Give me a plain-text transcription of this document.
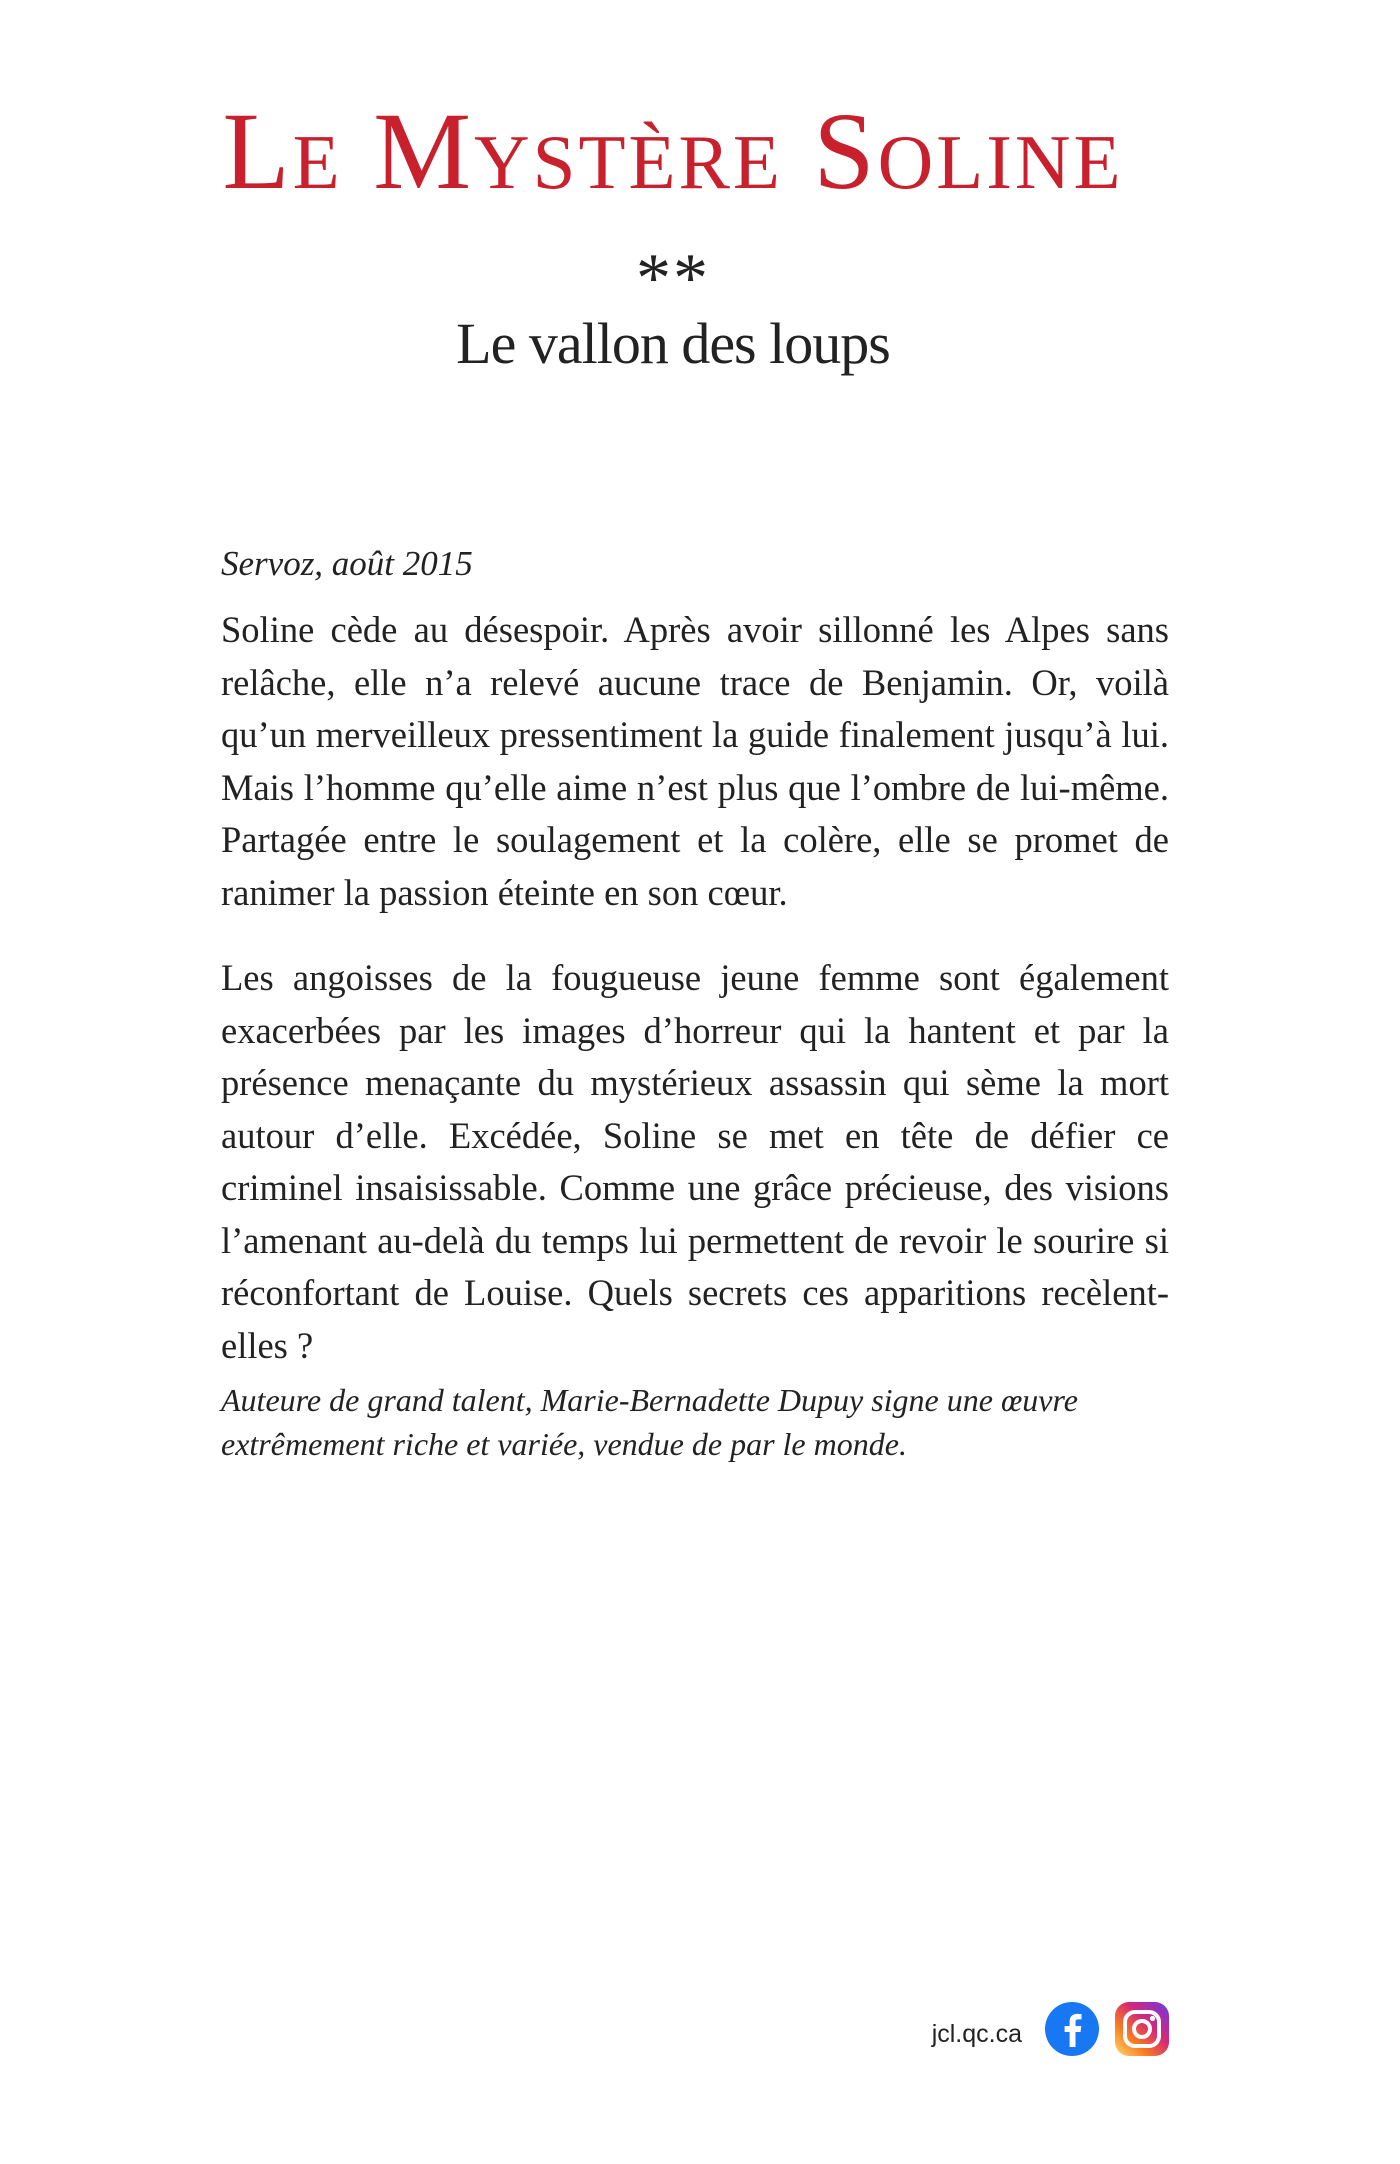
Le Mystère Soline
**
Le vallon des loups
Servoz, août 2015

Soline cède au désespoir. Après avoir sillonné les Alpes sans relâche, elle n’a relevé aucune trace de Benjamin. Or, voilà qu’un merveilleux pressentiment la guide finalement jusqu’à lui. Mais l’homme qu’elle aime n’est plus que l’ombre de lui-même. Partagée entre le soulagement et la colère, elle se promet de ranimer la passion éteinte en son cœur.

Les angoisses de la fougueuse jeune femme sont également exacerbées par les images d’horreur qui la hantent et par la présence menaçante du mystérieux assassin qui sème la mort autour d’elle. Excédée, Soline se met en tête de défier ce criminel insaisissable. Comme une grâce précieuse, des visions l’amenant au-delà du temps lui permettent de revoir le sourire si réconfortant de Louise. Quels secrets ces apparitions recèlent-elles ?

Auteure de grand talent, Marie-Bernadette Dupuy signe une œuvre extrêmement riche et variée, vendue de par le monde.

jcl.qc.ca
